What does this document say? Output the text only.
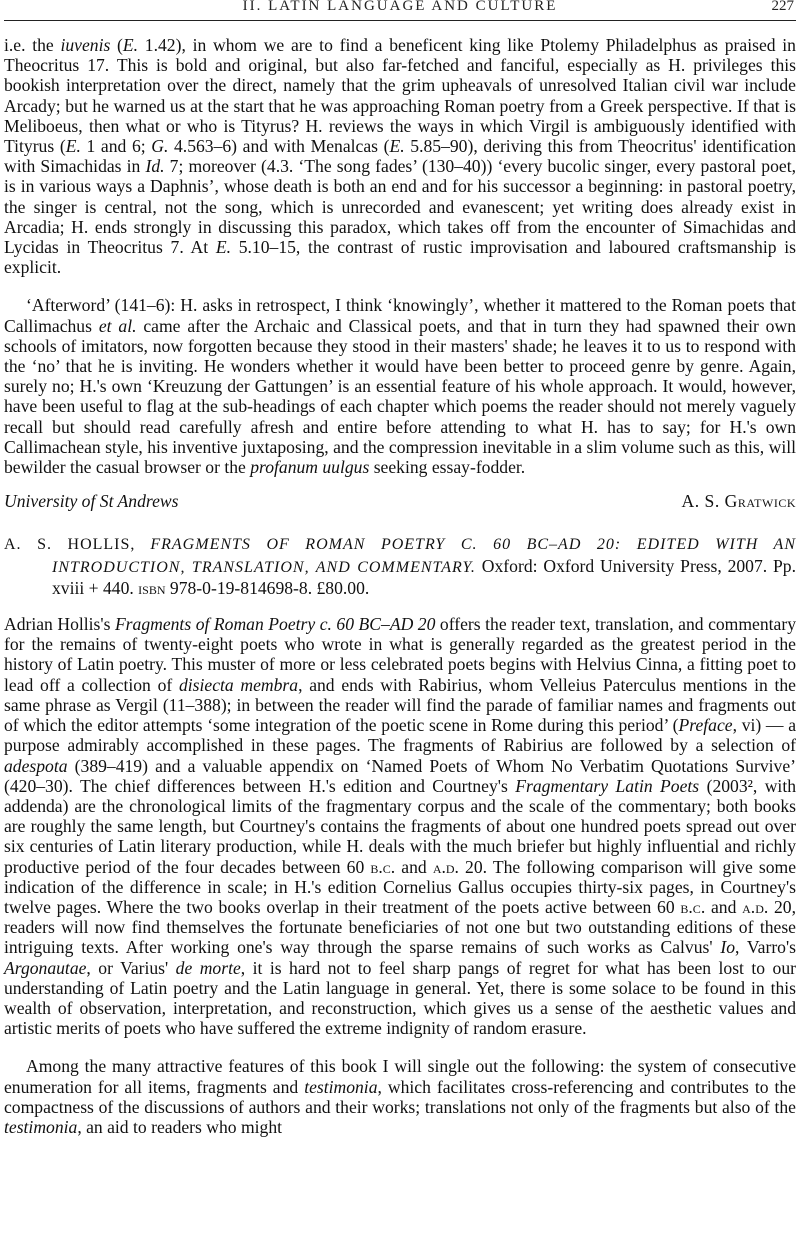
II. LATIN LANGUAGE AND CULTURE	227

i.e. the iuvenis (E. 1.42), in whom we are to find a beneficent king like Ptolemy Philadelphus as praised in Theocritus 17. This is bold and original, but also far-fetched and fanciful, especially as H. privileges this bookish interpretation over the direct, namely that the grim upheavals of unresolved Italian civil war include Arcady; but he warned us at the start that he was approaching Roman poetry from a Greek perspective. If that is Meliboeus, then what or who is Tityrus? H. reviews the ways in which Virgil is ambiguously identified with Tityrus (E. 1 and 6; G. 4.563–6) and with Menalcas (E. 5.85–90), deriving this from Theocritus' identification with Simachidas in Id. 7; moreover (4.3. ‘The song fades’ (130–40)) ‘every bucolic singer, every pastoral poet, is in various ways a Daphnis’, whose death is both an end and for his successor a beginning: in pastoral poetry, the singer is central, not the song, which is unrecorded and evanescent; yet writing does already exist in Arcadia; H. ends strongly in discussing this paradox, which takes off from the encounter of Simachidas and Lycidas in Theocritus 7. At E. 5.10–15, the contrast of rustic improvisation and laboured craftsmanship is explicit.

‘Afterword’ (141–6): H. asks in retrospect, I think ‘knowingly’, whether it mattered to the Roman poets that Callimachus et al. came after the Archaic and Classical poets, and that in turn they had spawned their own schools of imitators, now forgotten because they stood in their masters' shade; he leaves it to us to respond with the ‘no’ that he is inviting. He wonders whether it would have been better to proceed genre by genre. Again, surely no; H.'s own ‘Kreuzung der Gattungen’ is an essential feature of his whole approach. It would, however, have been useful to flag at the sub-headings of each chapter which poems the reader should not merely vaguely recall but should read carefully afresh and entire before attending to what H. has to say; for H.'s own Callimachean style, his inventive juxtaposing, and the compression inevitable in a slim volume such as this, will bewilder the casual browser or the profanum uulgus seeking essay-fodder.

University of St Andrews	A. S. Gratwick

A. S. HOLLIS, FRAGMENTS OF ROMAN POETRY C. 60 BC–AD 20: EDITED WITH AN INTRODUCTION, TRANSLATION, AND COMMENTARY. Oxford: Oxford University Press, 2007. Pp. xviii + 440. isbn 978-0-19-814698-8. £80.00.

Adrian Hollis's Fragments of Roman Poetry c. 60 BC–AD 20 offers the reader text, translation, and commentary for the remains of twenty-eight poets who wrote in what is generally regarded as the greatest period in the history of Latin poetry. This muster of more or less celebrated poets begins with Helvius Cinna, a fitting poet to lead off a collection of disiecta membra, and ends with Rabirius, whom Velleius Paterculus mentions in the same phrase as Vergil (11–388); in between the reader will find the parade of familiar names and fragments out of which the editor attempts ‘some integration of the poetic scene in Rome during this period’ (Preface, vi) — a purpose admirably accomplished in these pages. The fragments of Rabirius are followed by a selection of adespota (389–419) and a valuable appendix on ‘Named Poets of Whom No Verbatim Quotations Survive’ (420–30). The chief differences between H.'s edition and Courtney's Fragmentary Latin Poets (2003², with addenda) are the chronological limits of the fragmentary corpus and the scale of the commentary; both books are roughly the same length, but Courtney's contains the fragments of about one hundred poets spread out over six centuries of Latin literary production, while H. deals with the much briefer but highly influential and richly productive period of the four decades between 60 b.c. and a.d. 20. The following comparison will give some indication of the difference in scale; in H.'s edition Cornelius Gallus occupies thirty-six pages, in Courtney's twelve pages. Where the two books overlap in their treatment of the poets active between 60 b.c. and a.d. 20, readers will now find themselves the fortunate beneficiaries of not one but two outstanding editions of these intriguing texts. After working one's way through the sparse remains of such works as Calvus' Io, Varro's Argonautae, or Varius' de morte, it is hard not to feel sharp pangs of regret for what has been lost to our understanding of Latin poetry and the Latin language in general. Yet, there is some solace to be found in this wealth of observation, interpretation, and reconstruction, which gives us a sense of the aesthetic values and artistic merits of poets who have suffered the extreme indignity of random erasure.

Among the many attractive features of this book I will single out the following: the system of consecutive enumeration for all items, fragments and testimonia, which facilitates cross-referencing and contributes to the compactness of the discussions of authors and their works; translations not only of the fragments but also of the testimonia, an aid to readers who might
